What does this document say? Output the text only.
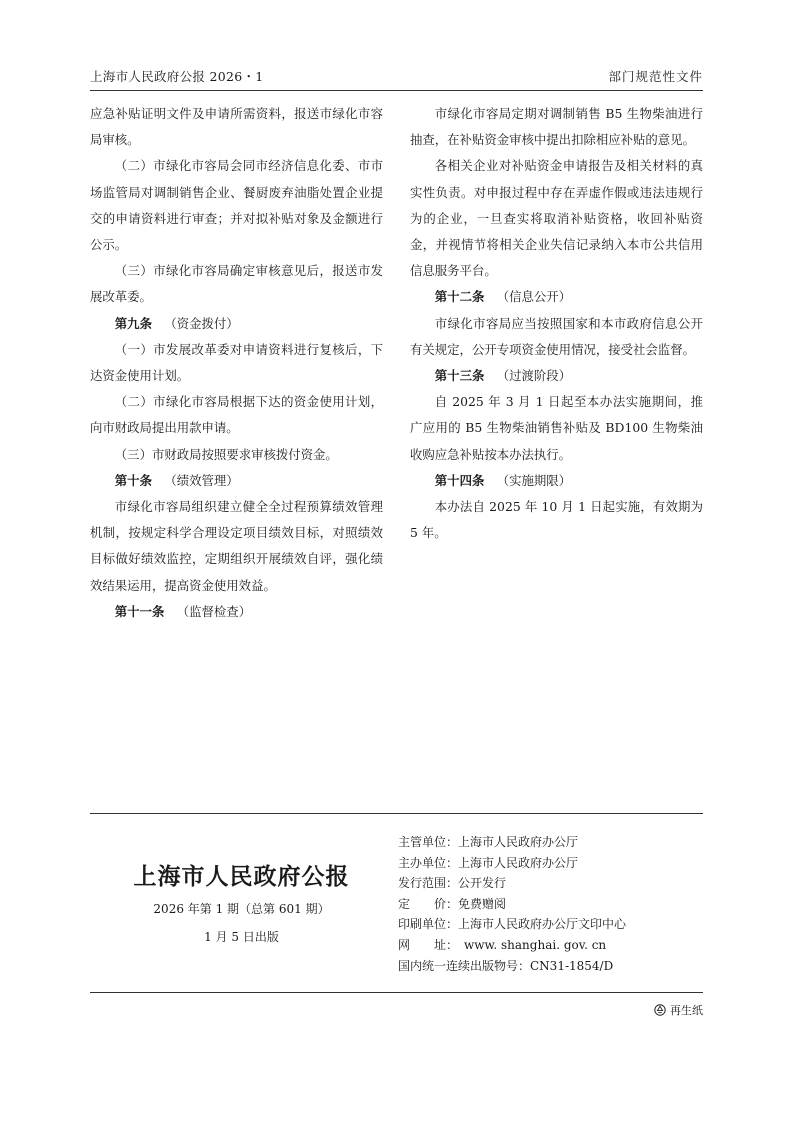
上海市人民政府公报 2026・1	部门规范性文件

应急补贴证明文件及申请所需资料，报送市绿化市容局审核。

（二）市绿化市容局会同市经济信息化委、市市场监管局对调制销售企业、餐厨废弃油脂处置企业提交的申请资料进行审查；并对拟补贴对象及金额进行公示。

（三）市绿化市容局确定审核意见后，报送市发展改革委。

第九条 （资金拨付）

（一）市发展改革委对申请资料进行复核后，下达资金使用计划。

（二）市绿化市容局根据下达的资金使用计划，向市财政局提出用款申请。

（三）市财政局按照要求审核拨付资金。

第十条 （绩效管理）

市绿化市容局组织建立健全全过程预算绩效管理机制，按规定科学合理设定项目绩效目标，对照绩效目标做好绩效监控，定期组织开展绩效自评，强化绩效结果运用，提高资金使用效益。

第十一条 （监督检查）

市绿化市容局定期对调制销售 B5 生物柴油进行抽查，在补贴资金审核中提出扣除相应补贴的意见。

各相关企业对补贴资金申请报告及相关材料的真实性负责。对申报过程中存在弄虚作假或违法违规行为的企业，一旦查实将取消补贴资格，收回补贴资金，并视情节将相关企业失信记录纳入本市公共信用信息服务平台。

第十二条 （信息公开）

市绿化市容局应当按照国家和本市政府信息公开有关规定，公开专项资金使用情况，接受社会监督。

第十三条 （过渡阶段）

自 2025 年 3 月 1 日起至本办法实施期间，推广应用的 B5 生物柴油销售补贴及 BD100 生物柴油收购应急补贴按本办法执行。

第十四条 （实施期限）

本办法自 2025 年 10 月 1 日起实施，有效期为 5 年。

上海市人民政府公报
2026 年第 1 期（总第 601 期）
1 月 5 日出版
主管单位：上海市人民政府办公厅
主办单位：上海市人民政府办公厅
发行范围：公开发行
定　　价：免费赠阅
印刷单位：上海市人民政府办公厅文印中心
网　　址：　www. shanghai. gov. cn
国内统一连续出版物号：CN31-1854/D
再生纸
